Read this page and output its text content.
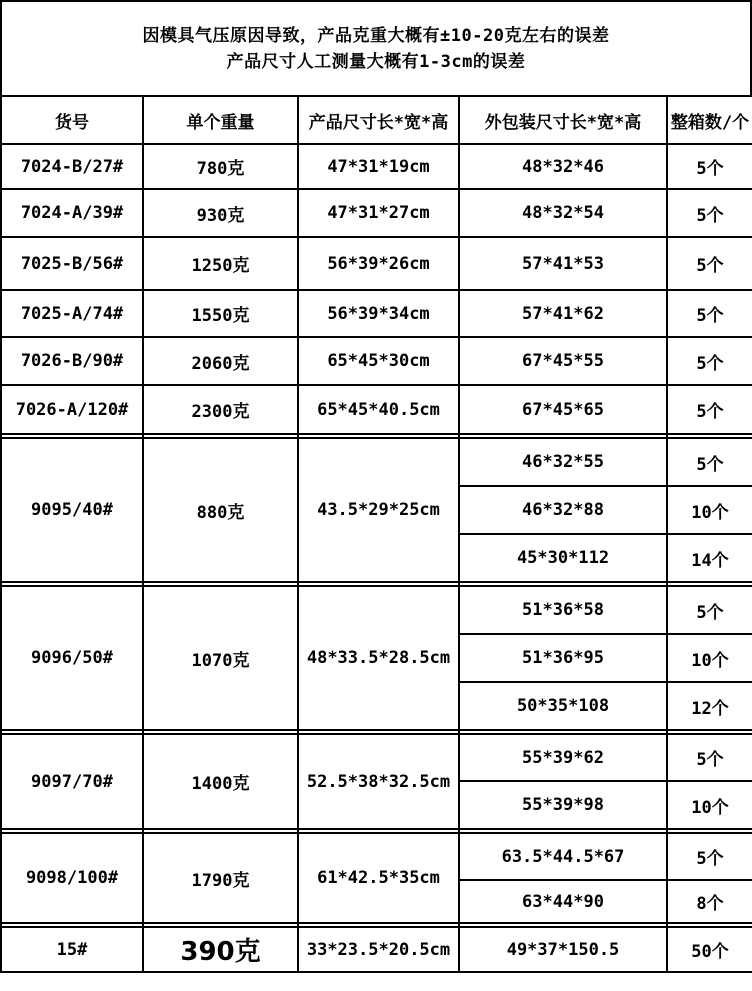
因模具气压原因导致，产品克重大概有±10-20克左右的误差
产品尺寸人工测量大概有1-3cm的误差
货号	单个重量	产品尺寸长*宽*高	外包装尺寸长*宽*高	整箱数/个
7024-B/27#	780克	47*31*19cm	48*32*46	5个
7024-A/39#	930克	47*31*27cm	48*32*54	5个
7025-B/56#	1250克	56*39*26cm	57*41*53	5个
7025-A/74#	1550克	56*39*34cm	57*41*62	5个
7026-B/90#	2060克	65*45*30cm	67*45*55	5个
7026-A/120#	2300克	65*45*40.5cm	67*45*65	5个

9095/40#	880克	43.5*29*25cm	46*32*55	5个
			46*32*88	10个
			45*30*112	14个

9096/50#	1070克	48*33.5*28.5cm	51*36*58	5个
			51*36*95	10个
			50*35*108	12个

9097/70#	1400克	52.5*38*32.5cm	55*39*62	5个
			55*39*98	10个

9098/100#	1790克	61*42.5*35cm	63.5*44.5*67	5个
			63*44*90	8个

15#	390克	33*23.5*20.5cm	49*37*150.5	50个
